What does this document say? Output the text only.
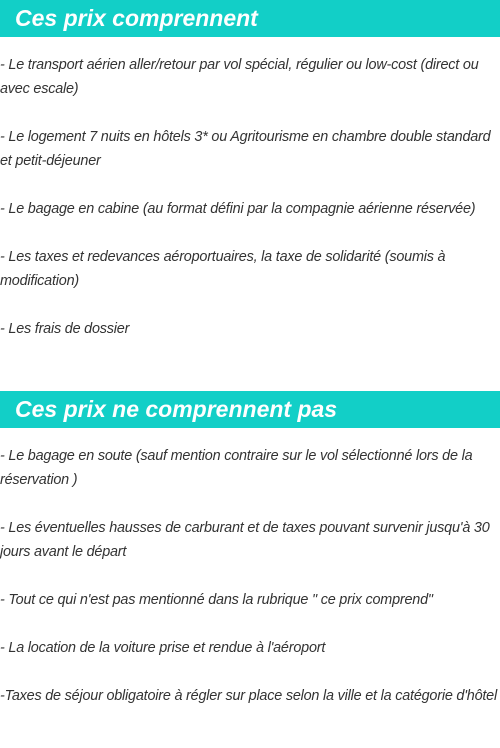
Ces prix comprennent
- Le transport aérien aller/retour par vol spécial, régulier ou low-cost (direct ou avec escale)
- Le logement 7 nuits en hôtels 3* ou Agritourisme en chambre double standard et petit-déjeuner
- Le bagage en cabine (au format défini par la compagnie aérienne réservée)
- Les taxes et redevances aéroportuaires, la taxe de solidarité (soumis à modification)
- Les frais de dossier
Ces prix ne comprennent pas
- Le bagage en soute (sauf mention contraire sur le vol sélectionné lors de la réservation )
- Les éventuelles hausses de carburant et de taxes pouvant survenir jusqu'à 30 jours avant le départ
- Tout ce qui n'est pas mentionné dans la rubrique " ce prix comprend"
- La location de la voiture prise et rendue à l'aéroport
-Taxes de séjour obligatoire à régler sur place selon la ville et la catégorie d'hôtel
